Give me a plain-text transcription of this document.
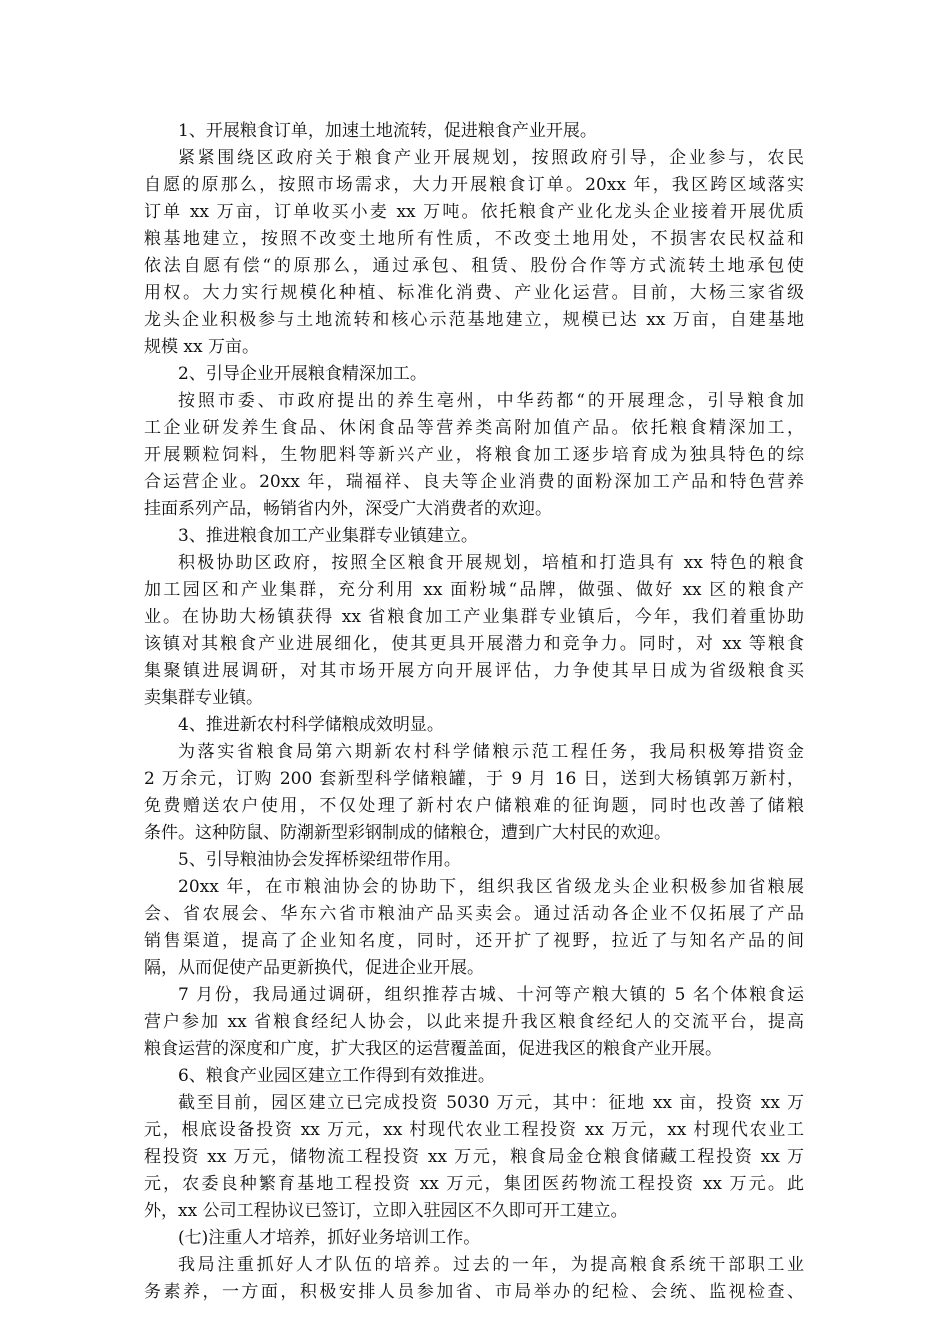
1、开展粮食订单，加速土地流转，促进粮食产业开展。
紧紧围绕区政府关于粮食产业开展规划，按照政府引导，企业参与，农民
自愿的原那么，按照市场需求，大力开展粮食订单。20xx 年，我区跨区域落实
订单 xx 万亩，订单收买小麦 xx 万吨。依托粮食产业化龙头企业接着开展优质
粮基地建立，按照不改变土地所有性质，不改变土地用处，不损害农民权益和
依法自愿有偿“的原那么，通过承包、租赁、股份合作等方式流转土地承包使
用权。大力实行规模化种植、标准化消费、产业化运营。目前，大杨三家省级
龙头企业积极参与土地流转和核心示范基地建立，规模已达 xx 万亩，自建基地
规模 xx 万亩。
2、引导企业开展粮食精深加工。
按照市委、市政府提出的养生亳州，中华药都“的开展理念，引导粮食加
工企业研发养生食品、休闲食品等营养类高附加值产品。依托粮食精深加工，
开展颗粒饲料，生物肥料等新兴产业，将粮食加工逐步培育成为独具特色的综
合运营企业。20xx 年，瑞福祥、良夫等企业消费的面粉深加工产品和特色营养
挂面系列产品，畅销省内外，深受广大消费者的欢迎。
3、推进粮食加工产业集群专业镇建立。
积极协助区政府，按照全区粮食开展规划，培植和打造具有 xx 特色的粮食
加工园区和产业集群，充分利用 xx 面粉城“品牌，做强、做好 xx 区的粮食产
业。在协助大杨镇获得 xx 省粮食加工产业集群专业镇后，今年，我们着重协助
该镇对其粮食产业进展细化，使其更具开展潜力和竞争力。同时，对 xx 等粮食
集聚镇进展调研，对其市场开展方向开展评估，力争使其早日成为省级粮食买
卖集群专业镇。
4、推进新农村科学储粮成效明显。
为落实省粮食局第六期新农村科学储粮示范工程任务，我局积极筹措资金
2 万余元，订购 200 套新型科学储粮罐，于 9 月 16 日，送到大杨镇郭万新村，
免费赠送农户使用，不仅处理了新村农户储粮难的征询题，同时也改善了储粮
条件。这种防鼠、防潮新型彩钢制成的储粮仓，遭到广大村民的欢迎。
5、引导粮油协会发挥桥梁纽带作用。
20xx 年，在市粮油协会的协助下，组织我区省级龙头企业积极参加省粮展
会、省农展会、华东六省市粮油产品买卖会。通过活动各企业不仅拓展了产品
销售渠道，提高了企业知名度，同时，还开扩了视野，拉近了与知名产品的间
隔，从而促使产品更新换代，促进企业开展。
7 月份，我局通过调研，组织推荐古城、十河等产粮大镇的 5 名个体粮食运
营户参加 xx 省粮食经纪人协会，以此来提升我区粮食经纪人的交流平台，提高
粮食运营的深度和广度，扩大我区的运营覆盖面，促进我区的粮食产业开展。
6、粮食产业园区建立工作得到有效推进。
截至目前，园区建立已完成投资 5030 万元，其中：征地 xx 亩，投资 xx 万
元，根底设备投资 xx 万元，xx 村现代农业工程投资 xx 万元，xx 村现代农业工
程投资 xx 万元，储物流工程投资 xx 万元，粮食局金仓粮食储藏工程投资 xx 万
元，农委良种繁育基地工程投资 xx 万元，集团医药物流工程投资 xx 万元。此
外，xx 公司工程协议已签订，立即入驻园区不久即可开工建立。
(七)注重人才培养，抓好业务培训工作。
我局注重抓好人才队伍的培养。过去的一年，为提高粮食系统干部职工业
务素养，一方面，积极安排人员参加省、市局举办的纪检、会统、监视检查、
